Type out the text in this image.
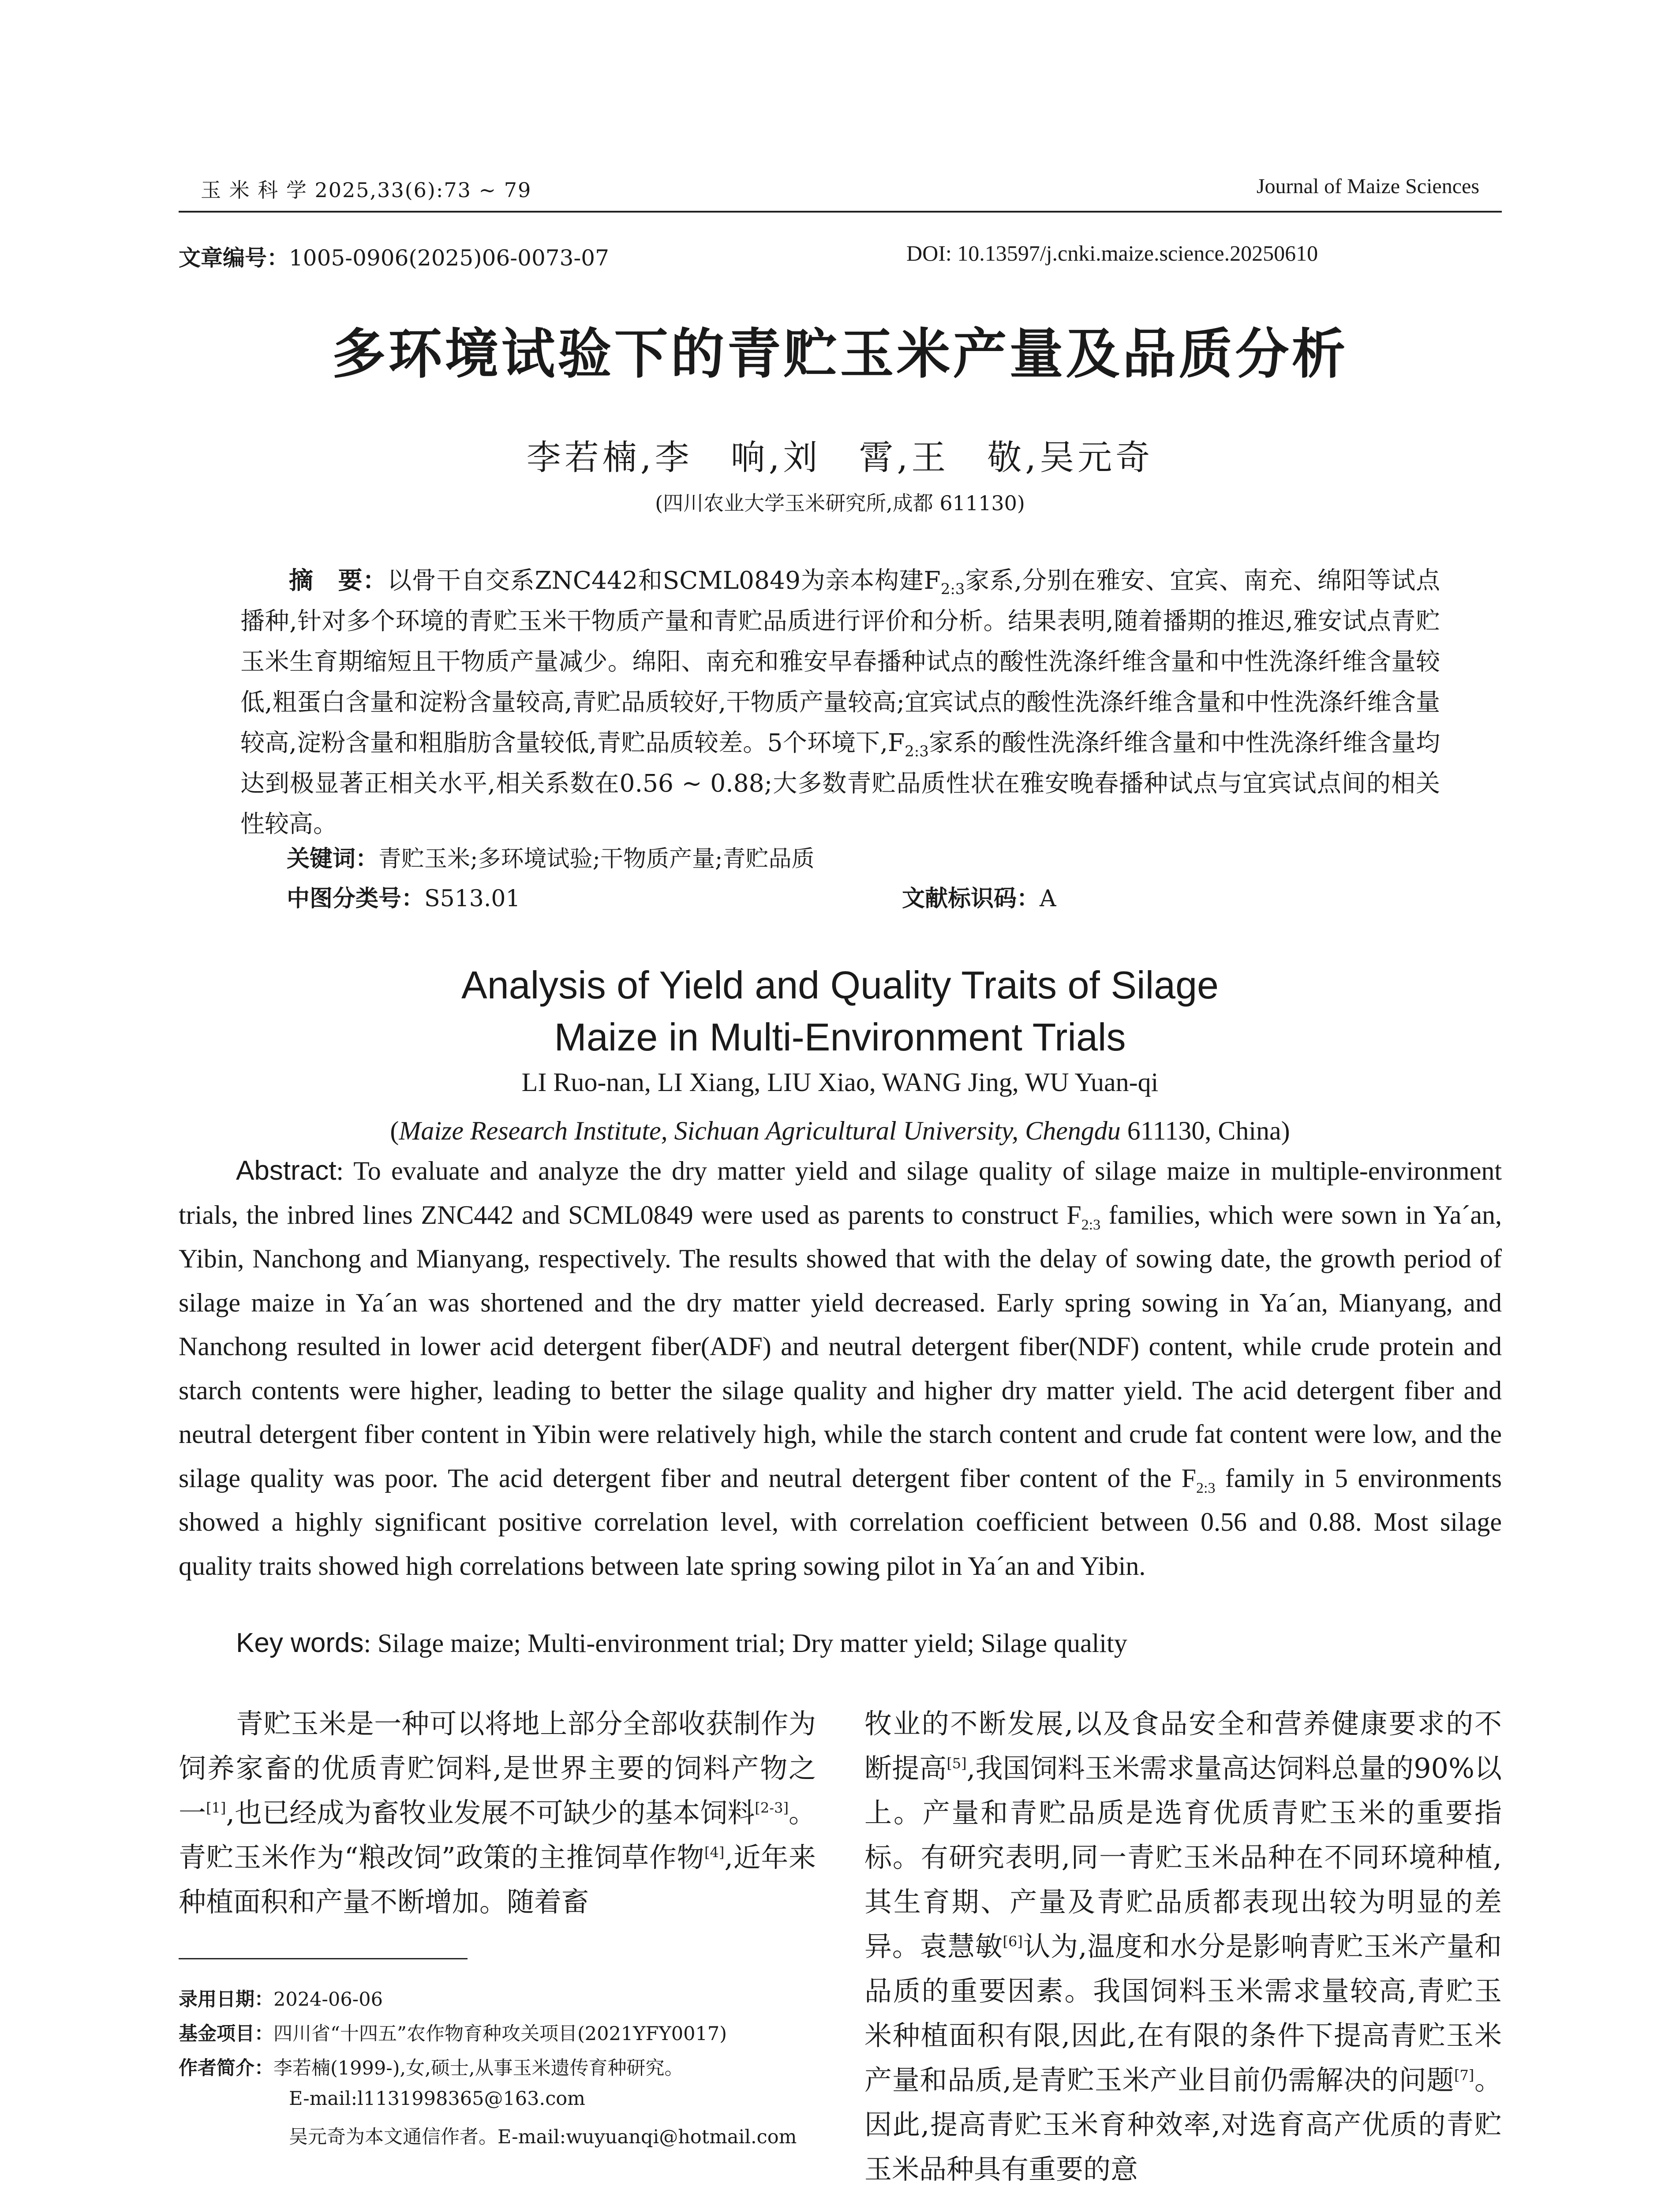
玉 米 科 学 2025,33(6):73 ~ 79	Journal of Maize Sciences
文章编号：1005-0906(2025)06-0073-07	DOI: 10.13597/j.cnki.maize.science.20250610
多环境试验下的青贮玉米产量及品质分析
李若楠,李　响,刘　霄,王　敬,吴元奇
(四川农业大学玉米研究所,成都 611130)
摘　要：以骨干自交系ZNC442和SCML0849为亲本构建$F_{2:3}$家系,分别在雅安、宜宾、南充、绵阳等试点播种,针对多个环境的青贮玉米干物质产量和青贮品质进行评价和分析。结果表明,随着播期的推迟,雅安试点青贮玉米生育期缩短且干物质产量减少。绵阳、南充和雅安早春播种试点的酸性洗涤纤维含量和中性洗涤纤维含量较低,粗蛋白含量和淀粉含量较高,青贮品质较好,干物质产量较高;宜宾试点的酸性洗涤纤维含量和中性洗涤纤维含量较高,淀粉含量和粗脂肪含量较低,青贮品质较差。5个环境下$,F_{2:3}$家系的酸性洗涤纤维含量和中性洗涤纤维含量均达到极显著正相关水平,相关系数在0.56 ~ 0.88;大多数青贮品质性状在雅安晚春播种试点与宜宾试点间的相关性较高。
关键词：青贮玉米;多环境试验;干物质产量;青贮品质
中图分类号：S513.01	文献标识码：A
Analysis of Yield and Quality Traits of Silage
Maize in Multi-Environment Trials
LI Ruo-nan, LI Xiang, LIU Xiao, WANG Jing, WU Yuan-qi
(Maize Research Institute, Sichuan Agricultural University, Chengdu 611130, China)
Abstract: To evaluate and analyze the dry matter yield and silage quality of silage maize in multiple-environment trials, the inbred lines ZNC442 and SCML0849 were used as parents to construct $F_{2:3}$ families, which were sown in Ya´an, Yibin, Nanchong and Mianyang, respectively. The results showed that with the delay of sowing date, the growth period of silage maize in Ya´an was shortened and the dry matter yield decreased. Early spring sowing in Ya´an, Mianyang, and Nanchong resulted in lower acid detergent fiber(ADF) and neutral detergent fiber(NDF) content, while crude protein and starch contents were higher, leading to better the silage quality and higher dry matter yield. The acid detergent fiber and neutral detergent fiber content in Yibin were relatively high, while the starch content and crude fat content were low, and the silage quality was poor. The acid detergent fiber and neutral detergent fiber content of the $F_{2:3}$ family in 5 environments showed a highly significant positive correlation level, with correlation coefficient between 0.56 and 0.88. Most silage quality traits showed high correlations between late spring sowing pilot in Ya´an and Yibin.
Key words: Silage maize; Multi-environment trial; Dry matter yield; Silage quality
青贮玉米是一种可以将地上部分全部收获制作为饲养家畜的优质青贮饲料,是世界主要的饲料产物之一[1],也已经成为畜牧业发展不可缺少的基本饲料[2-3]。青贮玉米作为“粮改饲”政策的主推饲草作物[4],近年来种植面积和产量不断增加。随着畜
牧业的不断发展,以及食品安全和营养健康要求的不断提高[5],我国饲料玉米需求量高达饲料总量的90%以上。产量和青贮品质是选育优质青贮玉米的重要指标。有研究表明,同一青贮玉米品种在不同环境种植,其生育期、产量及青贮品质都表现出较为明显的差异。袁慧敏[6]认为,温度和水分是影响青贮玉米产量和品质的重要因素。我国饲料玉米需求量较高,青贮玉米种植面积有限,因此,在有限的条件下提高青贮玉米产量和品质,是青贮玉米产业目前仍需解决的问题[7]。因此,提高青贮玉米育种效率,对选育高产优质的青贮玉米品种具有重要的意
录用日期：2024-06-06
基金项目：四川省“十四五”农作物育种攻关项目(2021YFY0017)
作者简介：李若楠(1999-),女,硕士,从事玉米遗传育种研究。
E-mail:l1131998365@163.com
吴元奇为本文通信作者。E-mail:wuyuanqi@hotmail.com
